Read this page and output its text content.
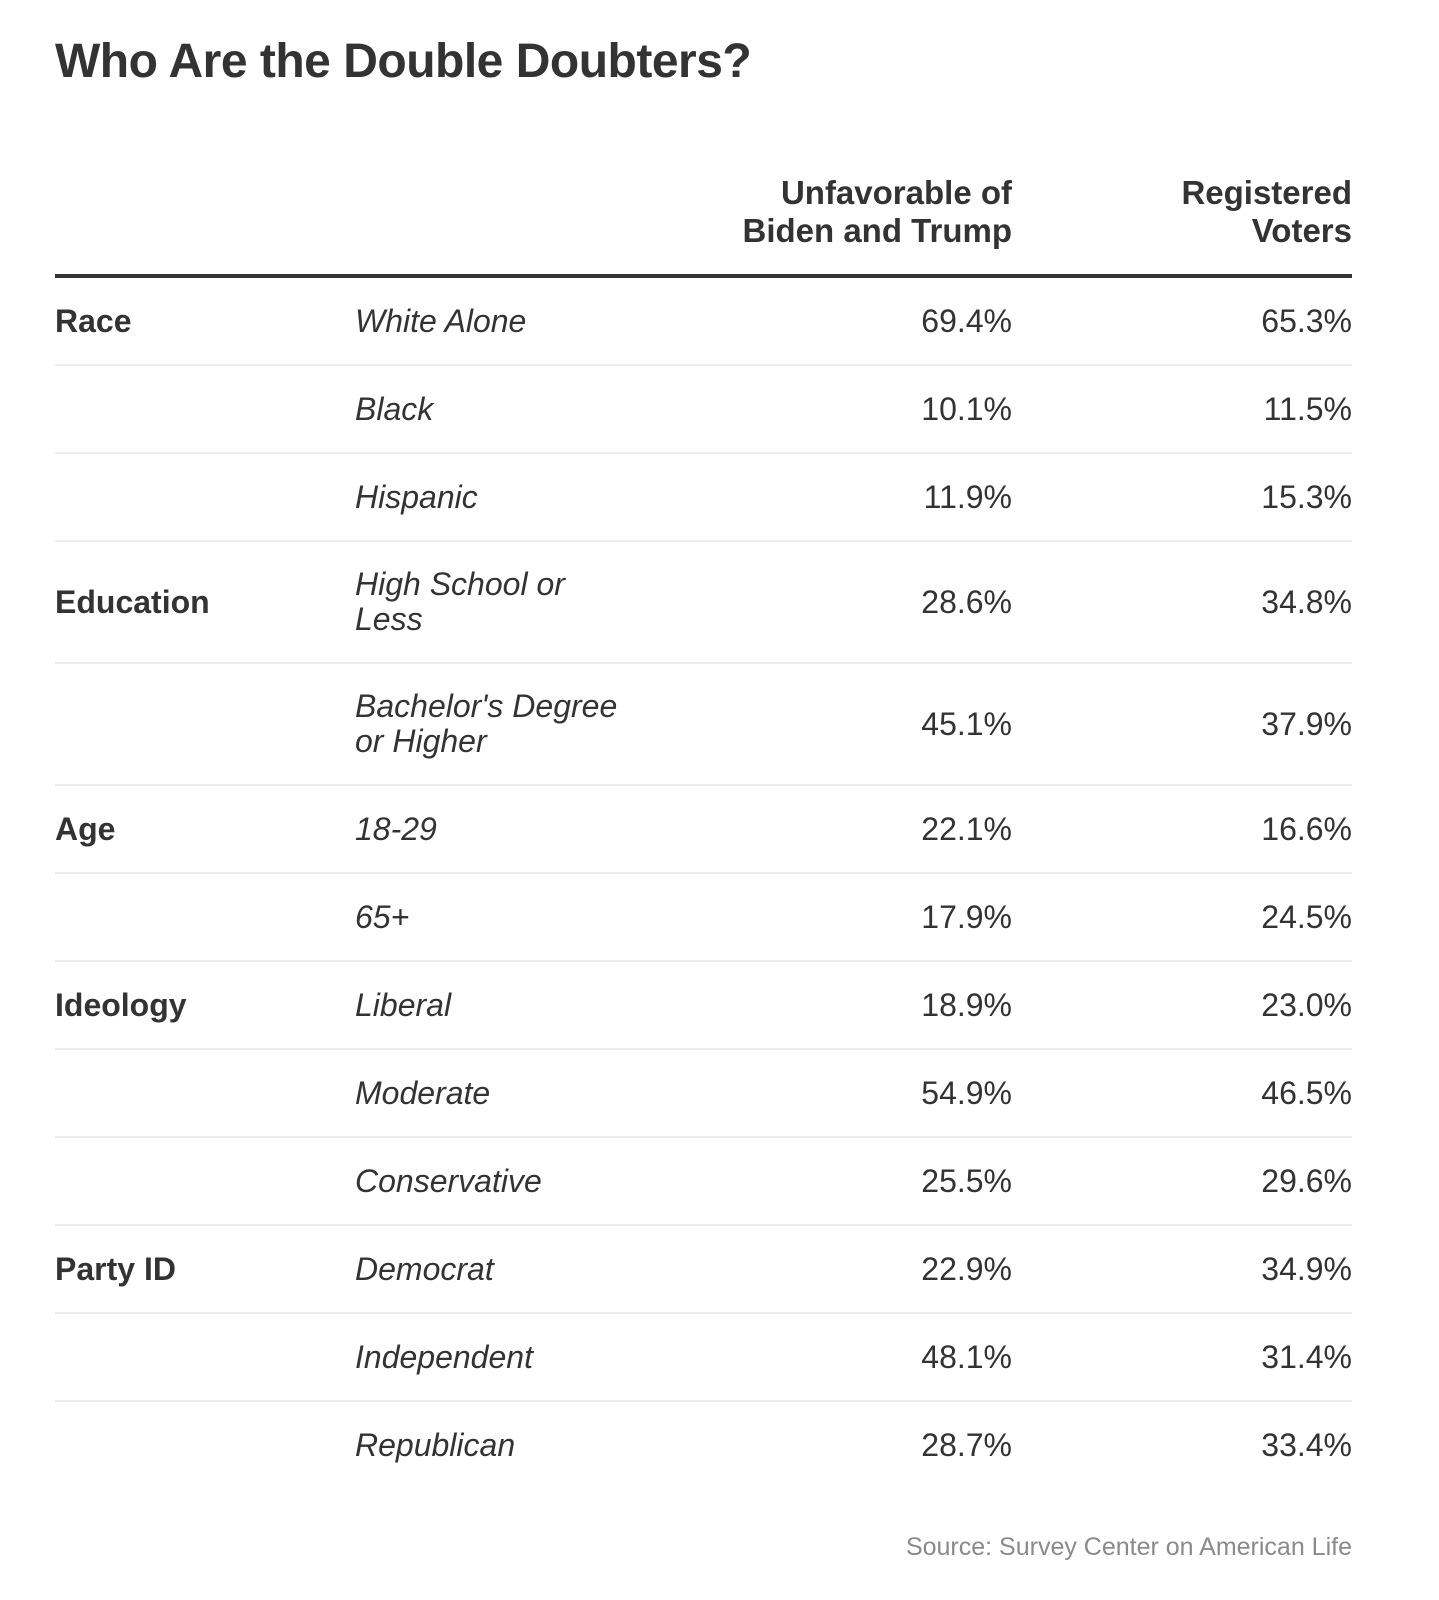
Who Are the Double Doubters?
Unfavorable of
Biden and Trump
Registered
Voters
Race	White Alone	69.4%	65.3%
Black	10.1%	11.5%
Hispanic	11.9%	15.3%
Education	High School or
Less	28.6%	34.8%
Bachelor's Degree
or Higher	45.1%	37.9%
Age	18-29	22.1%	16.6%
65+	17.9%	24.5%
Ideology	Liberal	18.9%	23.0%
Moderate	54.9%	46.5%
Conservative	25.5%	29.6%
Party ID	Democrat	22.9%	34.9%
Independent	48.1%	31.4%
Republican	28.7%	33.4%
Source: Survey Center on American Life
